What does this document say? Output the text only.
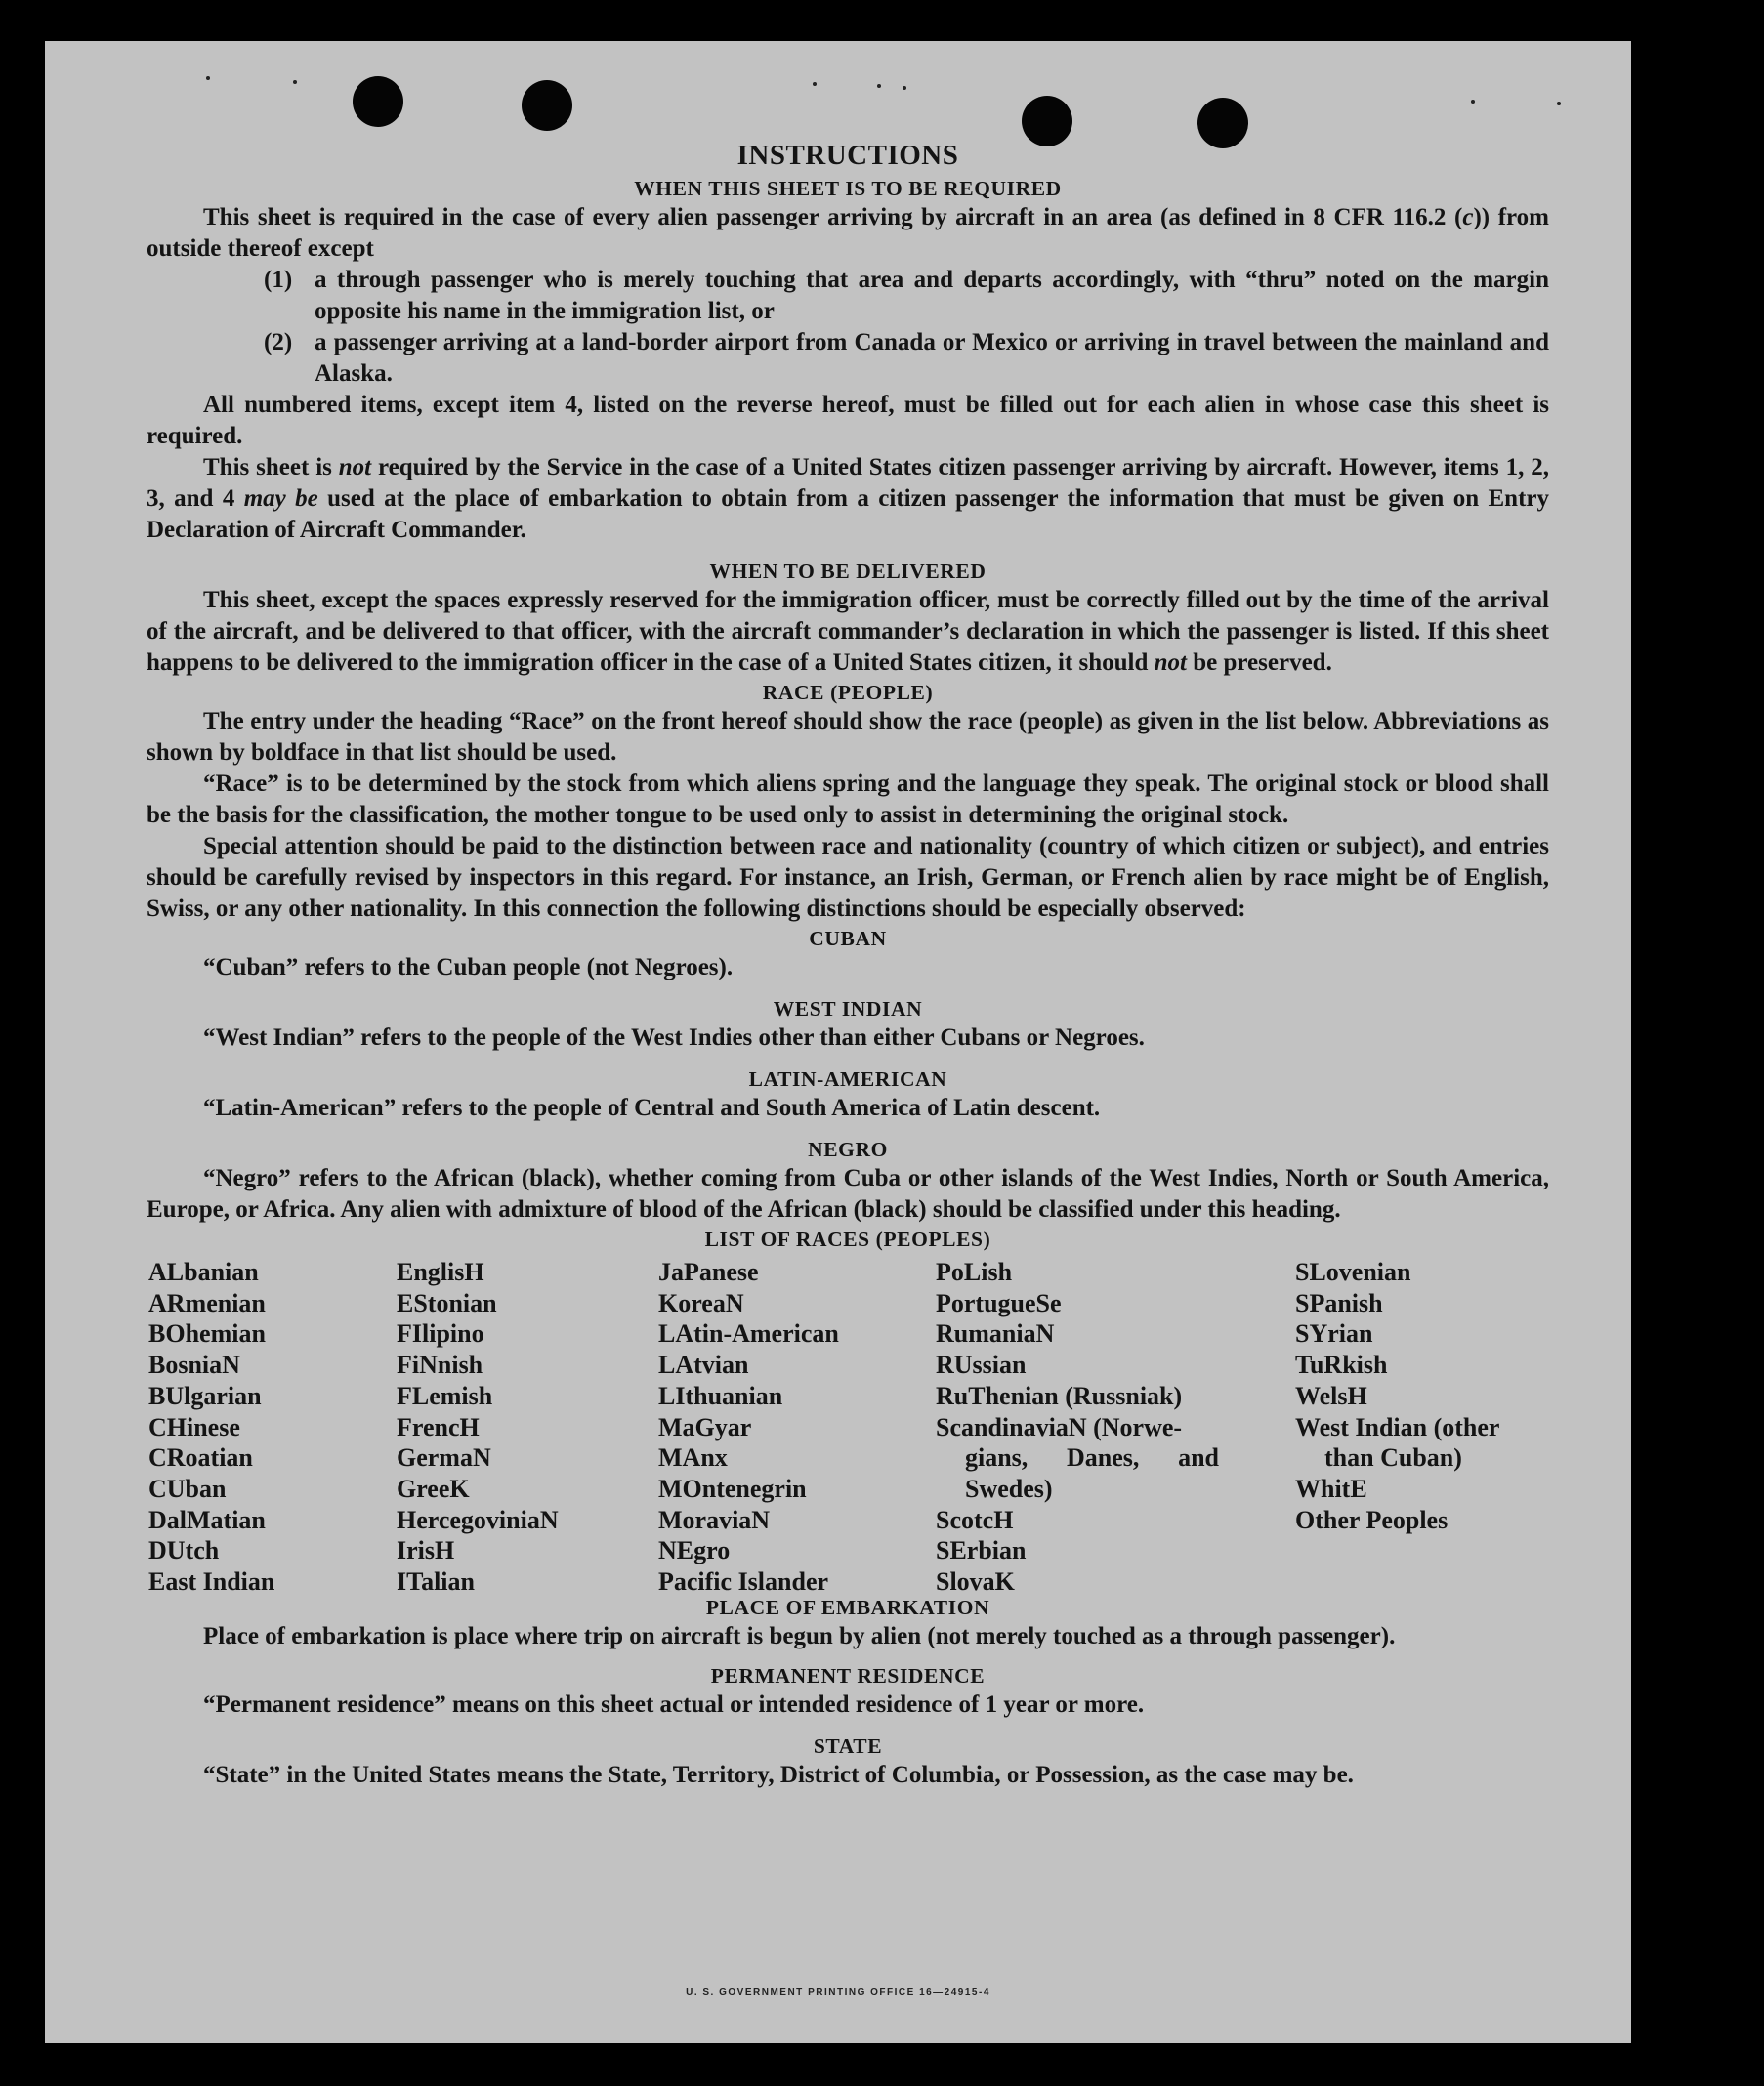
INSTRUCTIONS
WHEN THIS SHEET IS TO BE REQUIRED

This sheet is required in the case of every alien passenger arriving by aircraft in an area (as defined in 8 CFR 116.2 (c)) from outside thereof except

(1) a through passenger who is merely touching that area and departs accordingly, with “thru” noted on the margin opposite his name in the immigration list, or
(2) a passenger arriving at a land-border airport from Canada or Mexico or arriving in travel between the mainland and Alaska.

All numbered items, except item 4, listed on the reverse hereof, must be filled out for each alien in whose case this sheet is required.

This sheet is not required by the Service in the case of a United States citizen passenger arriving by aircraft. However, items 1, 2, 3, and 4 may be used at the place of embarkation to obtain from a citizen passenger the information that must be given on Entry Declaration of Aircraft Commander.

WHEN TO BE DELIVERED

This sheet, except the spaces expressly reserved for the immigration officer, must be correctly filled out by the time of the arrival of the aircraft, and be delivered to that officer, with the aircraft commander’s declaration in which the passenger is listed. If this sheet happens to be delivered to the immigration officer in the case of a United States citizen, it should not be preserved.

RACE (PEOPLE)

The entry under the heading “Race” on the front hereof should show the race (people) as given in the list below. Abbreviations as shown by boldface in that list should be used.

“Race” is to be determined by the stock from which aliens spring and the language they speak. The original stock or blood shall be the basis for the classification, the mother tongue to be used only to assist in determining the original stock.

Special attention should be paid to the distinction between race and nationality (country of which citizen or subject), and entries should be carefully revised by inspectors in this regard. For instance, an Irish, German, or French alien by race might be of English, Swiss, or any other nationality. In this connection the following distinctions should be especially observed:

CUBAN

“Cuban” refers to the Cuban people (not Negroes).

WEST INDIAN

“West Indian” refers to the people of the West Indies other than either Cubans or Negroes.

LATIN-AMERICAN

“Latin-American” refers to the people of Central and South America of Latin descent.

NEGRO

“Negro” refers to the African (black), whether coming from Cuba or other islands of the West Indies, North or South America, Europe, or Africa. Any alien with admixture of blood of the African (black) should be classified under this heading.

LIST OF RACES (PEOPLES)
ALbanian
ARmenian
BOhemian
BosniaN
BUlgarian
CHinese
CRoatian
CUban
DalMatian
DUtch
East Indian
EnglisH
EStonian
FIlipino
FiNnish
FLemish
FrencH
GermaN
GreeK
HercegoviniaN
IrisH
ITalian
JaPanese
KoreaN
LAtin-American
LAtvian
LIthuanian
MaGyar
MAnx
MOntenegrin
MoraviaN
NEgro
Pacific Islander
PoLish
PortugueSe
RumaniaN
RUssian
RuThenian (Russniak)
ScandinaviaN (Norwe-
gians, Danes, and Swedes)
ScotcH
SErbian
SlovaK
SLovenian
SPanish
SYrian
TuRkish
WelsH
West Indian (other
than Cuban)
WhitE
Other Peoples
PLACE OF EMBARKATION

Place of embarkation is place where trip on aircraft is begun by alien (not merely touched as a through passenger).

PERMANENT RESIDENCE

“Permanent residence” means on this sheet actual or intended residence of 1 year or more.

STATE

“State” in the United States means the State, Territory, District of Columbia, or Possession, as the case may be.

U. S. GOVERNMENT PRINTING OFFICE 16—24915-4
